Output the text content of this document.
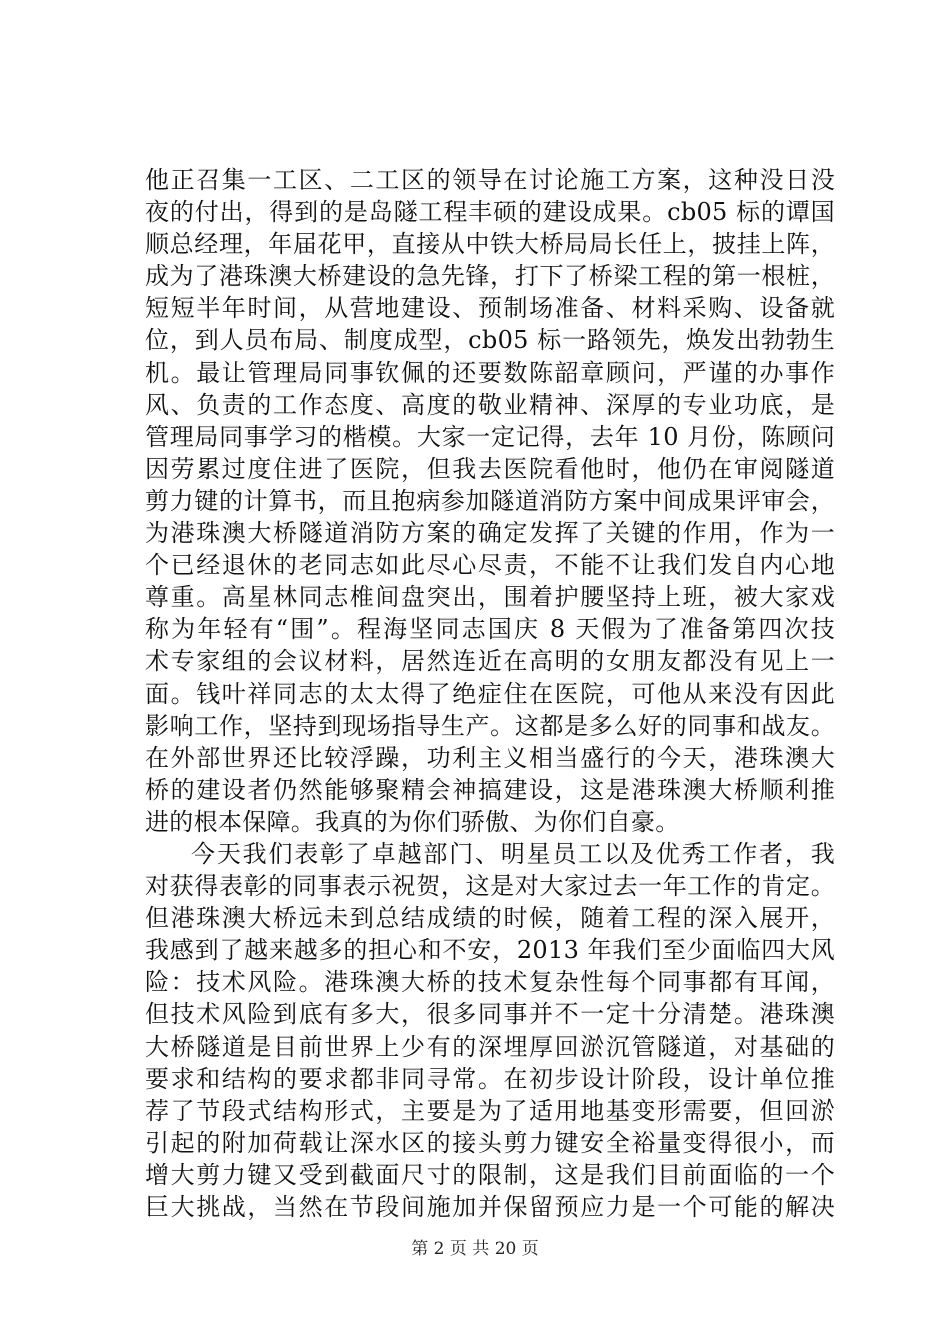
他正召集一工区、二工区的领导在讨论施工方案，这种没日没
夜的付出，得到的是岛隧工程丰硕的建设成果。cb05 标的谭国
顺总经理，年届花甲，直接从中铁大桥局局长任上，披挂上阵，
成为了港珠澳大桥建设的急先锋，打下了桥梁工程的第一根桩，
短短半年时间，从营地建设、预制场准备、材料采购、设备就
位，到人员布局、制度成型，cb05 标一路领先，焕发出勃勃生
机。最让管理局同事钦佩的还要数陈韶章顾问，严谨的办事作
风、负责的工作态度、高度的敬业精神、深厚的专业功底，是
管理局同事学习的楷模。大家一定记得，去年 10 月份，陈顾问
因劳累过度住进了医院，但我去医院看他时，他仍在审阅隧道
剪力键的计算书，而且抱病参加隧道消防方案中间成果评审会，
为港珠澳大桥隧道消防方案的确定发挥了关键的作用，作为一
个已经退休的老同志如此尽心尽责，不能不让我们发自内心地
尊重。高星林同志椎间盘突出，围着护腰坚持上班，被大家戏
称为年轻有“围”。程海坚同志国庆 8 天假为了准备第四次技
术专家组的会议材料，居然连近在高明的女朋友都没有见上一
面。钱叶祥同志的太太得了绝症住在医院，可他从来没有因此
影响工作，坚持到现场指导生产。这都是多么好的同事和战友。
在外部世界还比较浮躁，功利主义相当盛行的今天，港珠澳大
桥的建设者仍然能够聚精会神搞建设，这是港珠澳大桥顺利推
进的根本保障。我真的为你们骄傲、为你们自豪。
今天我们表彰了卓越部门、明星员工以及优秀工作者，我
对获得表彰的同事表示祝贺，这是对大家过去一年工作的肯定。
但港珠澳大桥远未到总结成绩的时候，随着工程的深入展开，
我感到了越来越多的担心和不安，2013 年我们至少面临四大风
险：技术风险。港珠澳大桥的技术复杂性每个同事都有耳闻，
但技术风险到底有多大，很多同事并不一定十分清楚。港珠澳
大桥隧道是目前世界上少有的深埋厚回淤沉管隧道，对基础的
要求和结构的要求都非同寻常。在初步设计阶段，设计单位推
荐了节段式结构形式，主要是为了适用地基变形需要，但回淤
引起的附加荷载让深水区的接头剪力键安全裕量变得很小，而
增大剪力键又受到截面尺寸的限制，这是我们目前面临的一个
巨大挑战，当然在节段间施加并保留预应力是一个可能的解决
第 2 页 共 20 页
